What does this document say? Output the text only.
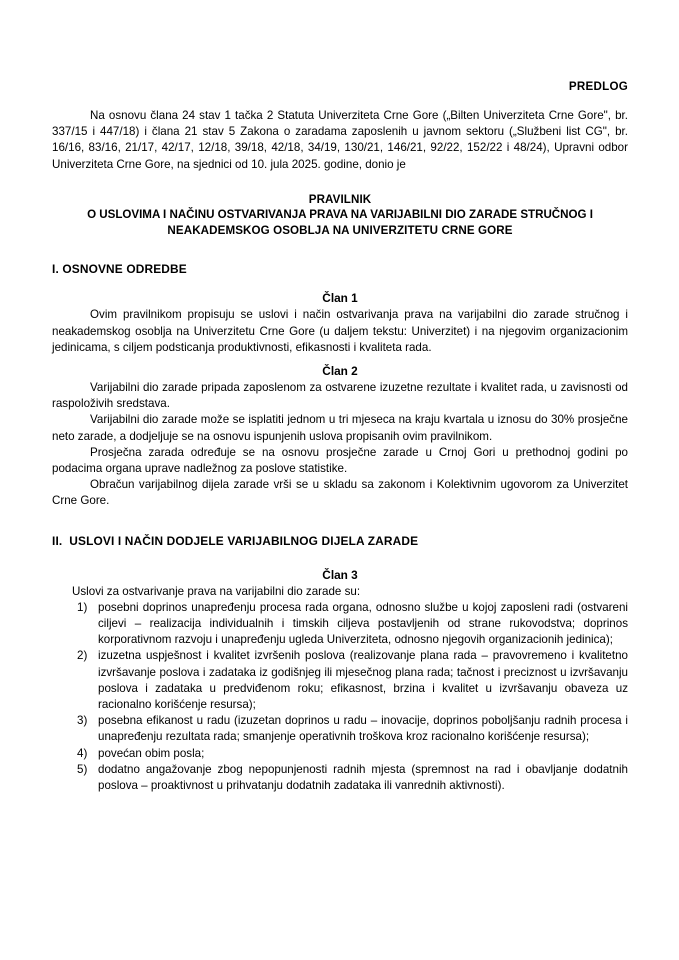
PREDLOG

Na osnovu člana 24 stav 1 tačka 2 Statuta Univerziteta Crne Gore („Bilten Univerziteta Crne Gore", br. 337/15 i 447/18) i člana 21 stav 5 Zakona o zaradama zaposlenih u javnom sektoru („Službeni list CG", br. 16/16, 83/16, 21/17, 42/17, 12/18, 39/18, 42/18, 34/19, 130/21, 146/21, 92/22, 152/22 i 48/24), Upravni odbor Univerziteta Crne Gore, na sjednici od 10. jula 2025. godine, donio je

PRAVILNIK
O USLOVIMA I NAČINU OSTVARIVANJA PRAVA NA VARIJABILNI DIO ZARADE STRUČNOG I
NEAKADEMSKOG OSOBLJA NA UNIVERZITETU CRNE GORE
I. OSNOVNE ODREDBE
Član 1

Ovim pravilnikom propisuju se uslovi i način ostvarivanja prava na varijabilni dio zarade stručnog i neakademskog osoblja na Univerzitetu Crne Gore (u daljem tekstu: Univerzitet) i na njegovim organizacionim jedinicama, s ciljem podsticanja produktivnosti, efikasnosti i kvaliteta rada.

Član 2

Varijabilni dio zarade pripada zaposlenom za ostvarene izuzetne rezultate i kvalitet rada, u zavisnosti od raspoloživih sredstava.

Varijabilni dio zarade može se isplatiti jednom u tri mjeseca na kraju kvartala u iznosu do 30% prosječne neto zarade, a dodjeljuje se na osnovu ispunjenih uslova propisanih ovim pravilnikom.

Prosječna zarada određuje se na osnovu prosječne zarade u Crnoj Gori u prethodnoj godini po podacima organa uprave nadležnog za poslove statistike.

Obračun varijabilnog dijela zarade vrši se u skladu sa zakonom i Kolektivnim ugovorom za Univerzitet Crne Gore.

II.  USLOVI I NAČIN DODJELE VARIJABILNOG DIJELA ZARADE
Član 3

Uslovi za ostvarivanje prava na varijabilni dio zarade su:

1) posebni doprinos unapređenju procesa rada organa, odnosno službe u kojoj zaposleni radi (ostvareni ciljevi – realizacija individualnih i timskih ciljeva postavljenih od strane rukovodstva; doprinos korporativnom razvoju i unapređenju ugleda Univerziteta, odnosno njegovih organizacionih jedinica);
2) izuzetna uspješnost i kvalitet izvršenih poslova (realizovanje plana rada – pravovremeno i kvalitetno izvršavanje poslova i zadataka iz godišnjeg ili mjesečnog plana rada; tačnost i preciznost u izvršavanju poslova i zadataka u predviđenom roku; efikasnost, brzina i kvalitet u izvršavanju obaveza uz racionalno korišćenje resursa);
3) posebna efikanost u radu (izuzetan doprinos u radu – inovacije, doprinos poboljšanju radnih procesa i unapređenju rezultata rada; smanjenje operativnih troškova kroz racionalno korišćenje resursa);
4) povećan obim posla;
5) dodatno angažovanje zbog nepopunjenosti radnih mjesta (spremnost na rad i obavljanje dodatnih poslova – proaktivnost u prihvatanju dodatnih zadataka ili vanrednih aktivnosti).
